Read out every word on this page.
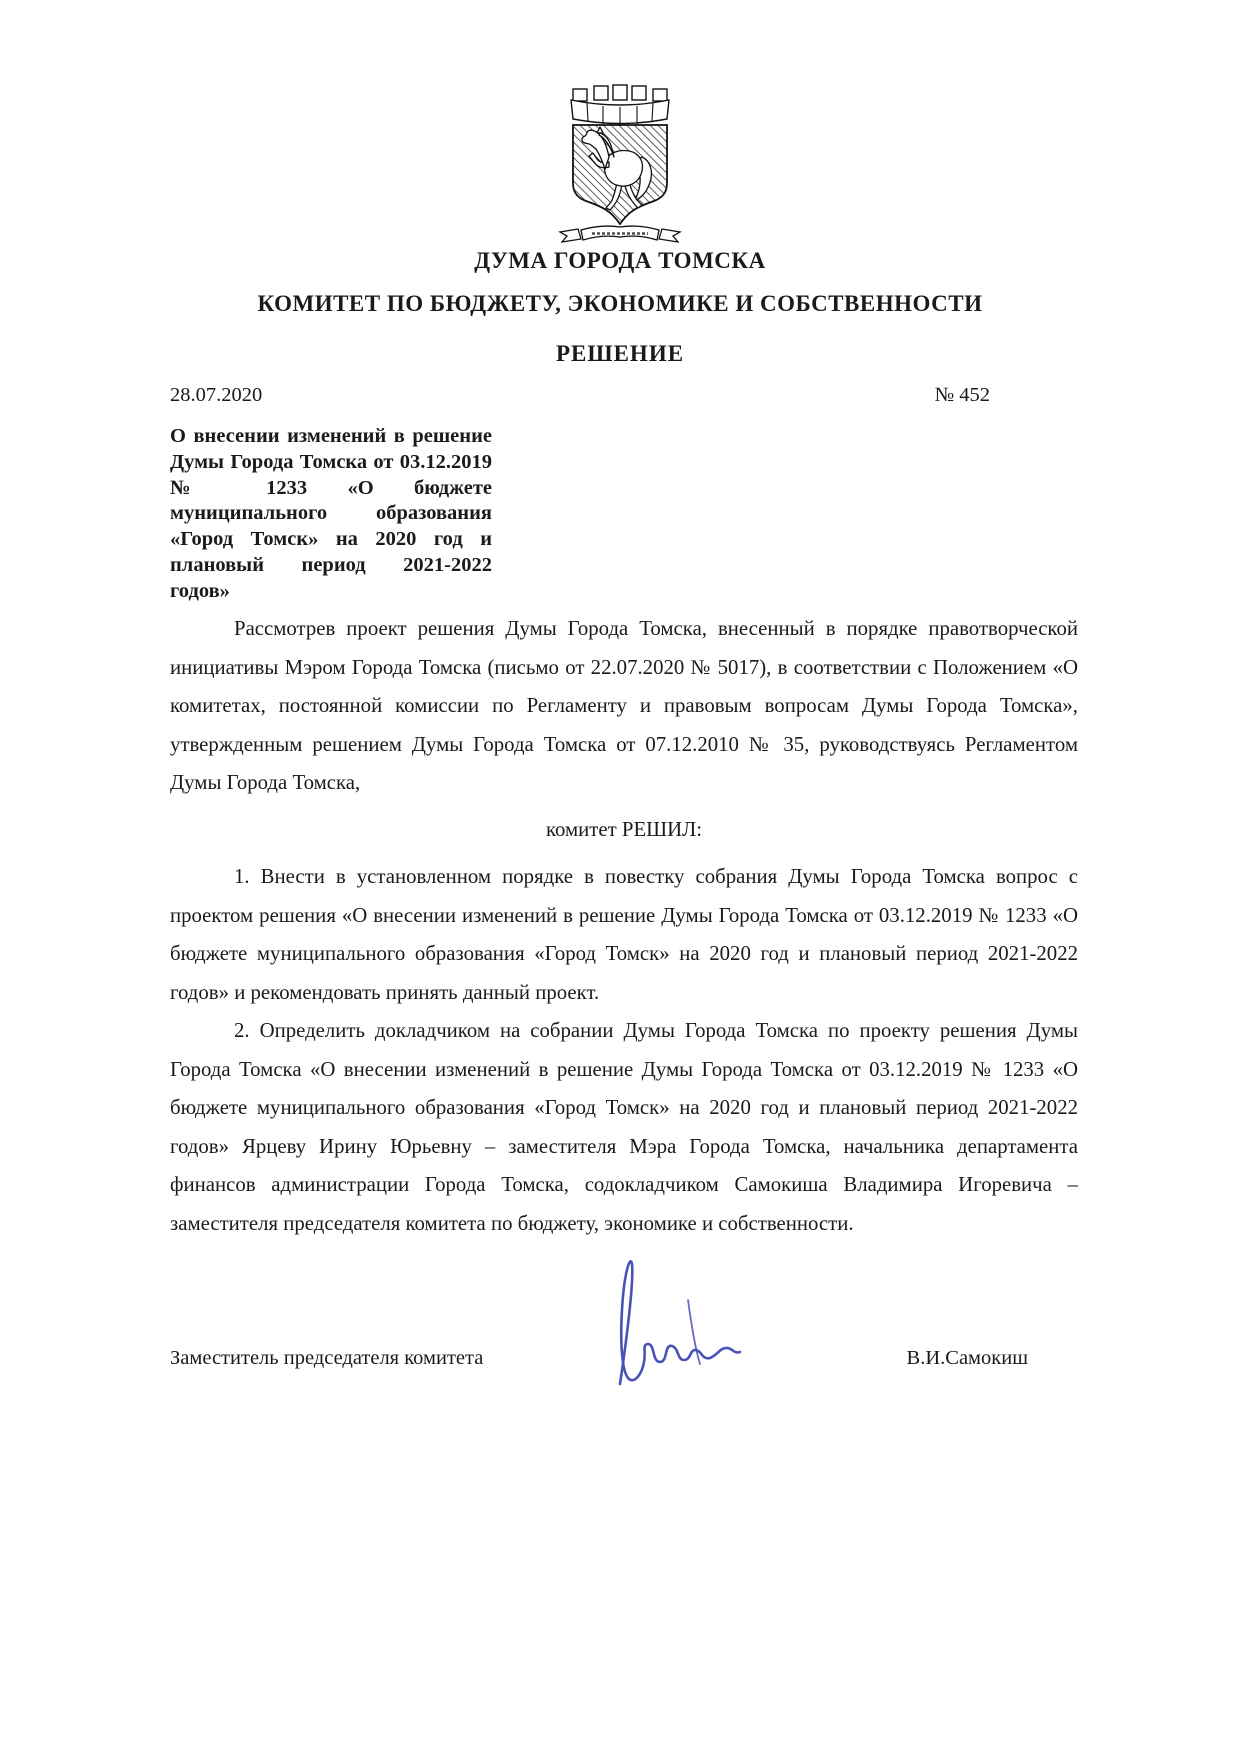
ДУМА ГОРОДА ТОМСКА
КОМИТЕТ ПО БЮДЖЕТУ, ЭКОНОМИКЕ И СОБСТВЕННОСТИ
РЕШЕНИЕ
28.07.2020	№ 452
О внесении изменений в решение Думы Города Томска от 03.12.2019 № 1233 «О бюджете муниципального образования «Город Томск» на 2020 год и плановый период 2021-2022 годов»

Рассмотрев проект решения Думы Города Томска, внесенный в порядке правотворческой инициативы Мэром Города Томска (письмо от 22.07.2020 № 5017), в соответствии с Положением «О комитетах, постоянной комиссии по Регламенту и правовым вопросам Думы Города Томска», утвержденным решением Думы Города Томска от 07.12.2010 № 35, руководствуясь Регламентом Думы Города Томска,

комитет РЕШИЛ:

1. Внести в установленном порядке в повестку собрания Думы Города Томска вопрос с проектом решения «О внесении изменений в решение Думы Города Томска от 03.12.2019 № 1233 «О бюджете муниципального образования «Город Томск» на 2020 год и плановый период 2021-2022 годов» и рекомендовать принять данный проект.

2. Определить докладчиком на собрании Думы Города Томска по проекту решения Думы Города Томска «О внесении изменений в решение Думы Города Томска от 03.12.2019 № 1233 «О бюджете муниципального образования «Город Томск» на 2020 год и плановый период 2021-2022 годов» Ярцеву Ирину Юрьевну – заместителя Мэра Города Томска, начальника департамента финансов администрации Города Томска, содокладчиком Самокиша Владимира Игоревича – заместителя председателя комитета по бюджету, экономике и собственности.

Заместитель председателя комитета	В.И.Самокиш
